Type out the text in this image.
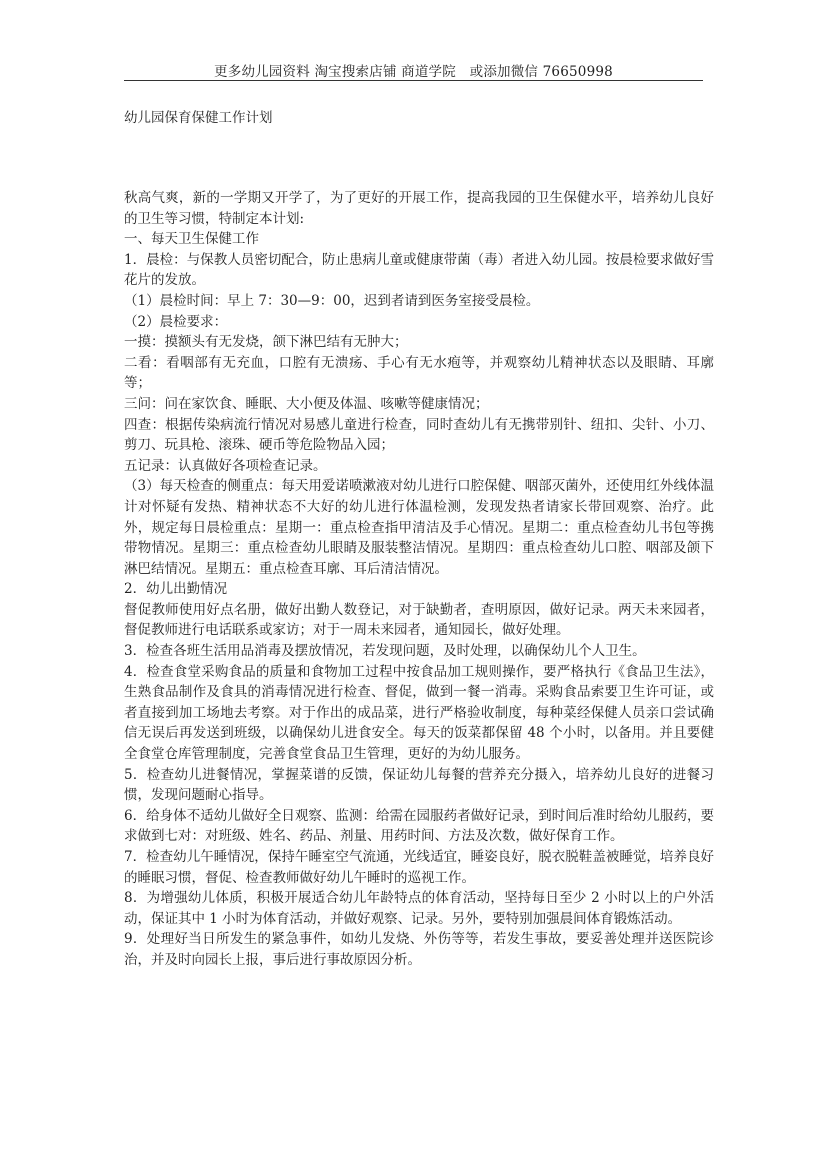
更多幼儿园资料 淘宝搜索店铺 商道学院　或添加微信 76650998
幼儿园保育保健工作计划

秋高气爽，新的一学期又开学了，为了更好的开展工作，提高我园的卫生保健水平，培养幼儿良好的卫生等习惯，特制定本计划:

一、每天卫生保健工作

1．晨检：与保教人员密切配合，防止患病儿童或健康带菌（毒）者进入幼儿园。按晨检要求做好雪花片的发放。

（1）晨检时间：早上 7：30—9：00，迟到者请到医务室接受晨检。

（2）晨检要求：

一摸：摸额头有无发烧，颌下淋巴结有无肿大；

二看：看咽部有无充血，口腔有无溃疡、手心有无水疱等，并观察幼儿精神状态以及眼睛、耳廓等；

三问：问在家饮食、睡眠、大小便及体温、咳嗽等健康情况；

四查：根据传染病流行情况对易感儿童进行检查，同时查幼儿有无携带别针、纽扣、尖针、小刀、剪刀、玩具枪、滚珠、硬币等危险物品入园；

五记录：认真做好各项检查记录。

（3）每天检查的侧重点：每天用爱诺喷漱液对幼儿进行口腔保健、咽部灭菌外，还使用红外线体温计对怀疑有发热、精神状态不大好的幼儿进行体温检测，发现发热者请家长带回观察、治疗。此外，规定每日晨检重点：星期一：重点检查指甲清洁及手心情况。星期二：重点检查幼儿书包等携带物情况。星期三：重点检查幼儿眼睛及服装整洁情况。星期四：重点检查幼儿口腔、咽部及颌下淋巴结情况。星期五：重点检查耳廓、耳后清洁情况。

2．幼儿出勤情况

督促教师使用好点名册，做好出勤人数登记，对于缺勤者，查明原因，做好记录。两天未来园者，督促教师进行电话联系或家访；对于一周未来园者，通知园长，做好处理。

3．检查各班生活用品消毒及摆放情况，若发现问题，及时处理，以确保幼儿个人卫生。

4．检查食堂采购食品的质量和食物加工过程中按食品加工规则操作，要严格执行《食品卫生法》，生熟食品制作及食具的消毒情况进行检查、督促，做到一餐一消毒。采购食品索要卫生许可证，或者直接到加工场地去考察。对于作出的成品菜，进行严格验收制度，每种菜经保健人员亲口尝试确信无误后再发送到班级，以确保幼儿进食安全。每天的饭菜都保留 48 个小时，以备用。并且要健全食堂仓库管理制度，完善食堂食品卫生管理，更好的为幼儿服务。

5．检查幼儿进餐情况，掌握菜谱的反馈，保证幼儿每餐的营养充分摄入，培养幼儿良好的进餐习惯，发现问题耐心指导。

6．给身体不适幼儿做好全日观察、监测：给需在园服药者做好记录，到时间后准时给幼儿服药，要求做到七对：对班级、姓名、药品、剂量、用药时间、方法及次数，做好保育工作。

7．检查幼儿午睡情况，保持午睡室空气流通，光线适宜，睡姿良好，脱衣脱鞋盖被睡觉，培养良好的睡眠习惯，督促、检查教师做好幼儿午睡时的巡视工作。

8．为增强幼儿体质，积极开展适合幼儿年龄特点的体育活动，坚持每日至少 2 小时以上的户外活动，保证其中 1 小时为体育活动，并做好观察、记录。另外，要特别加强晨间体育锻炼活动。

9．处理好当日所发生的紧急事件，如幼儿发烧、外伤等等，若发生事故，要妥善处理并送医院诊治，并及时向园长上报，事后进行事故原因分析。
